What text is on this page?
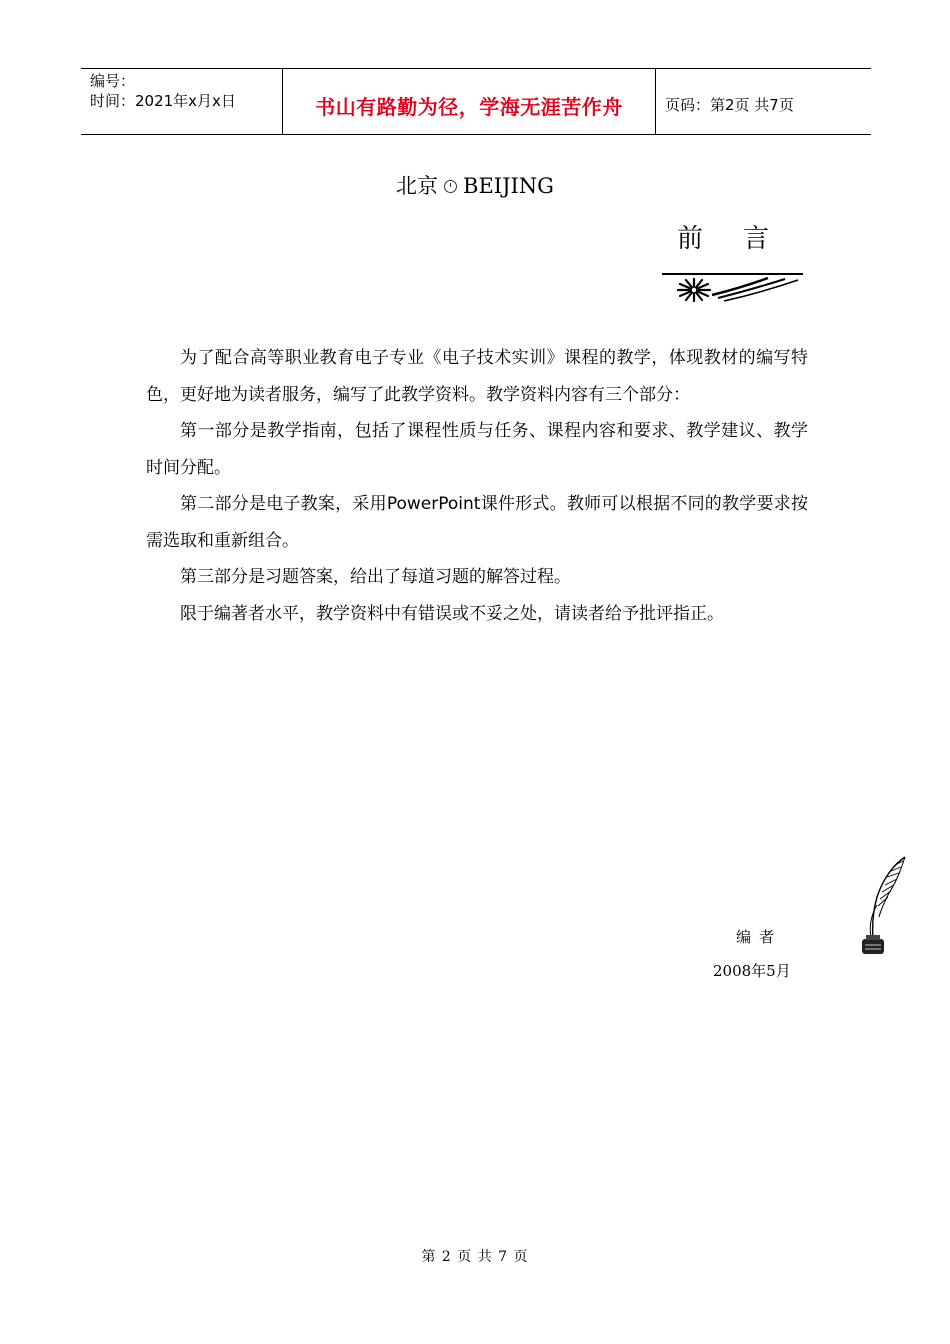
编号：
时间：2021年x月x日	书山有路勤为径，学海无涯苦作舟	页码：第2页 共7页
北京 BEIJING
前言

为了配合高等职业教育电子专业《电子技术实训》课程的教学，体现教材的编写特色，更好地为读者服务，编写了此教学资料。教学资料内容有三个部分：

第一部分是教学指南，包括了课程性质与任务、课程内容和要求、教学建议、教学时间分配。

第二部分是电子教案，采用PowerPoint课件形式。教师可以根据不同的教学要求按需选取和重新组合。

第三部分是习题答案，给出了每道习题的解答过程。

限于编著者水平，教学资料中有错误或不妥之处，请读者给予批评指正。

编者
2008年5月
第 2 页 共 7 页
